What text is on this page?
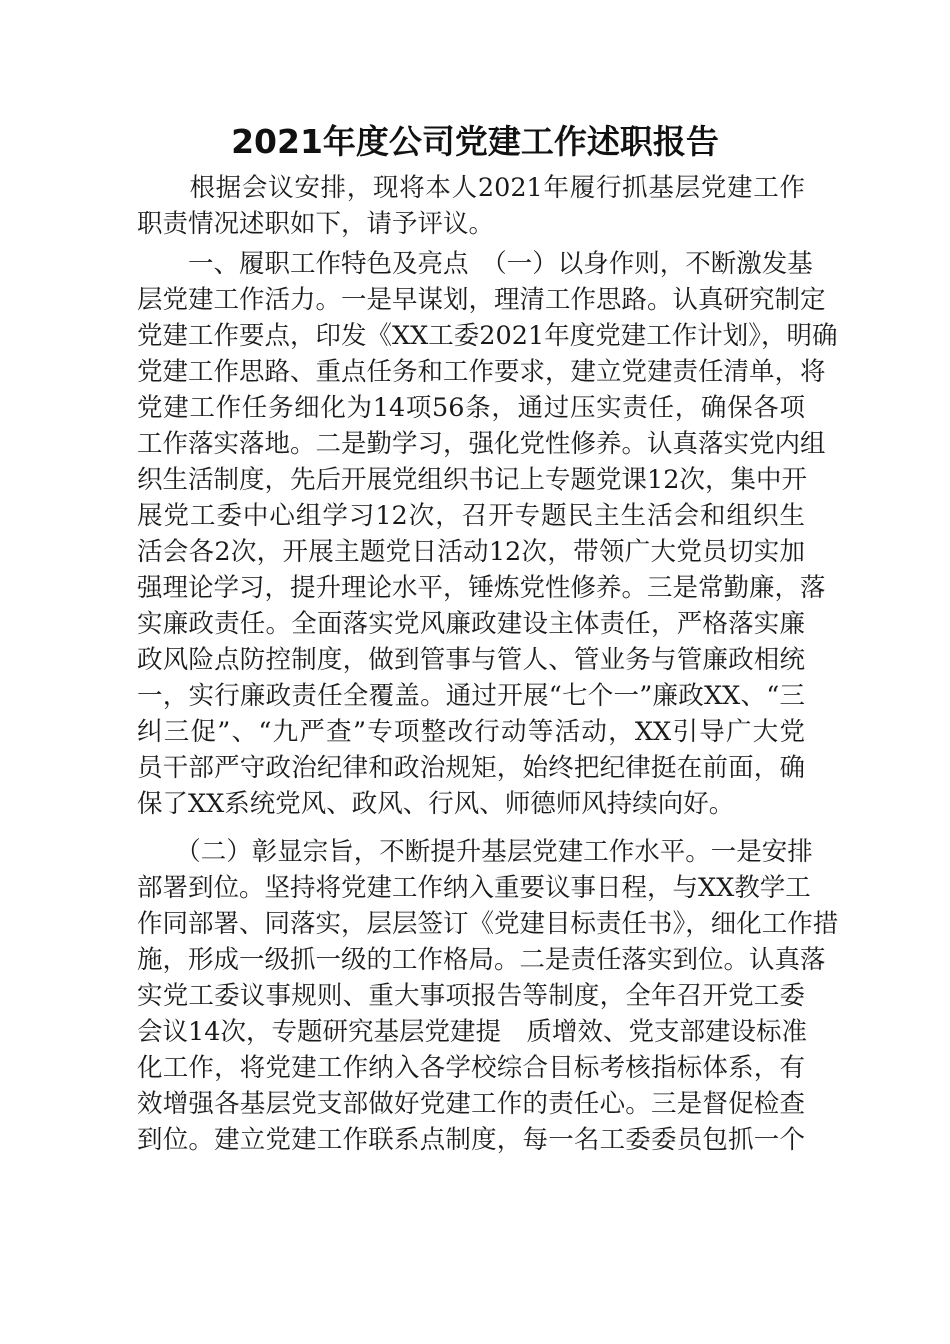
2021年度公司党建工作述职报告
　　根据会议安排，现将本人2021年履行抓基层党建工作
职责情况述职如下，请予评议。
　　一、履职工作特色及亮点　（一）以身作则，不断激发基
层党建工作活力。一是早谋划，理清工作思路。认真研究制定
党建工作要点，印发《XX工委2021年度党建工作计划》，明确
党建工作思路、重点任务和工作要求，建立党建责任清单，将
党建工作任务细化为14项56条，通过压实责任，确保各项
工作落实落地。二是勤学习，强化党性修养。认真落实党内组
织生活制度，先后开展党组织书记上专题党课12次，集中开
展党工委中心组学习12次，召开专题民主生活会和组织生
活会各2次，开展主题党日活动12次，带领广大党员切实加
强理论学习，提升理论水平，锤炼党性修养。三是常勤廉，落
实廉政责任。全面落实党风廉政建设主体责任，严格落实廉
政风险点防控制度，做到管事与管人、管业务与管廉政相统
一，实行廉政责任全覆盖。通过开展“七个一”廉政XX、“三
纠三促”、“九严查”专项整改行动等活动，XX引导广大党
员干部严守政治纪律和政治规矩，始终把纪律挺在前面，确
保了XX系统党风、政风、行风、师德师风持续向好。
　　（二）彰显宗旨，不断提升基层党建工作水平。一是安排
部署到位。坚持将党建工作纳入重要议事日程，与XX教学工
作同部署、同落实，层层签订《党建目标责任书》，细化工作措
施，形成一级抓一级的工作格局。二是责任落实到位。认真落
实党工委议事规则、重大事项报告等制度，全年召开党工委
会议14次，专题研究基层党建提　质增效、党支部建设标准
化工作，将党建工作纳入各学校综合目标考核指标体系，有
效增强各基层党支部做好党建工作的责任心。三是督促检查
到位。建立党建工作联系点制度，每一名工委委员包抓一个
